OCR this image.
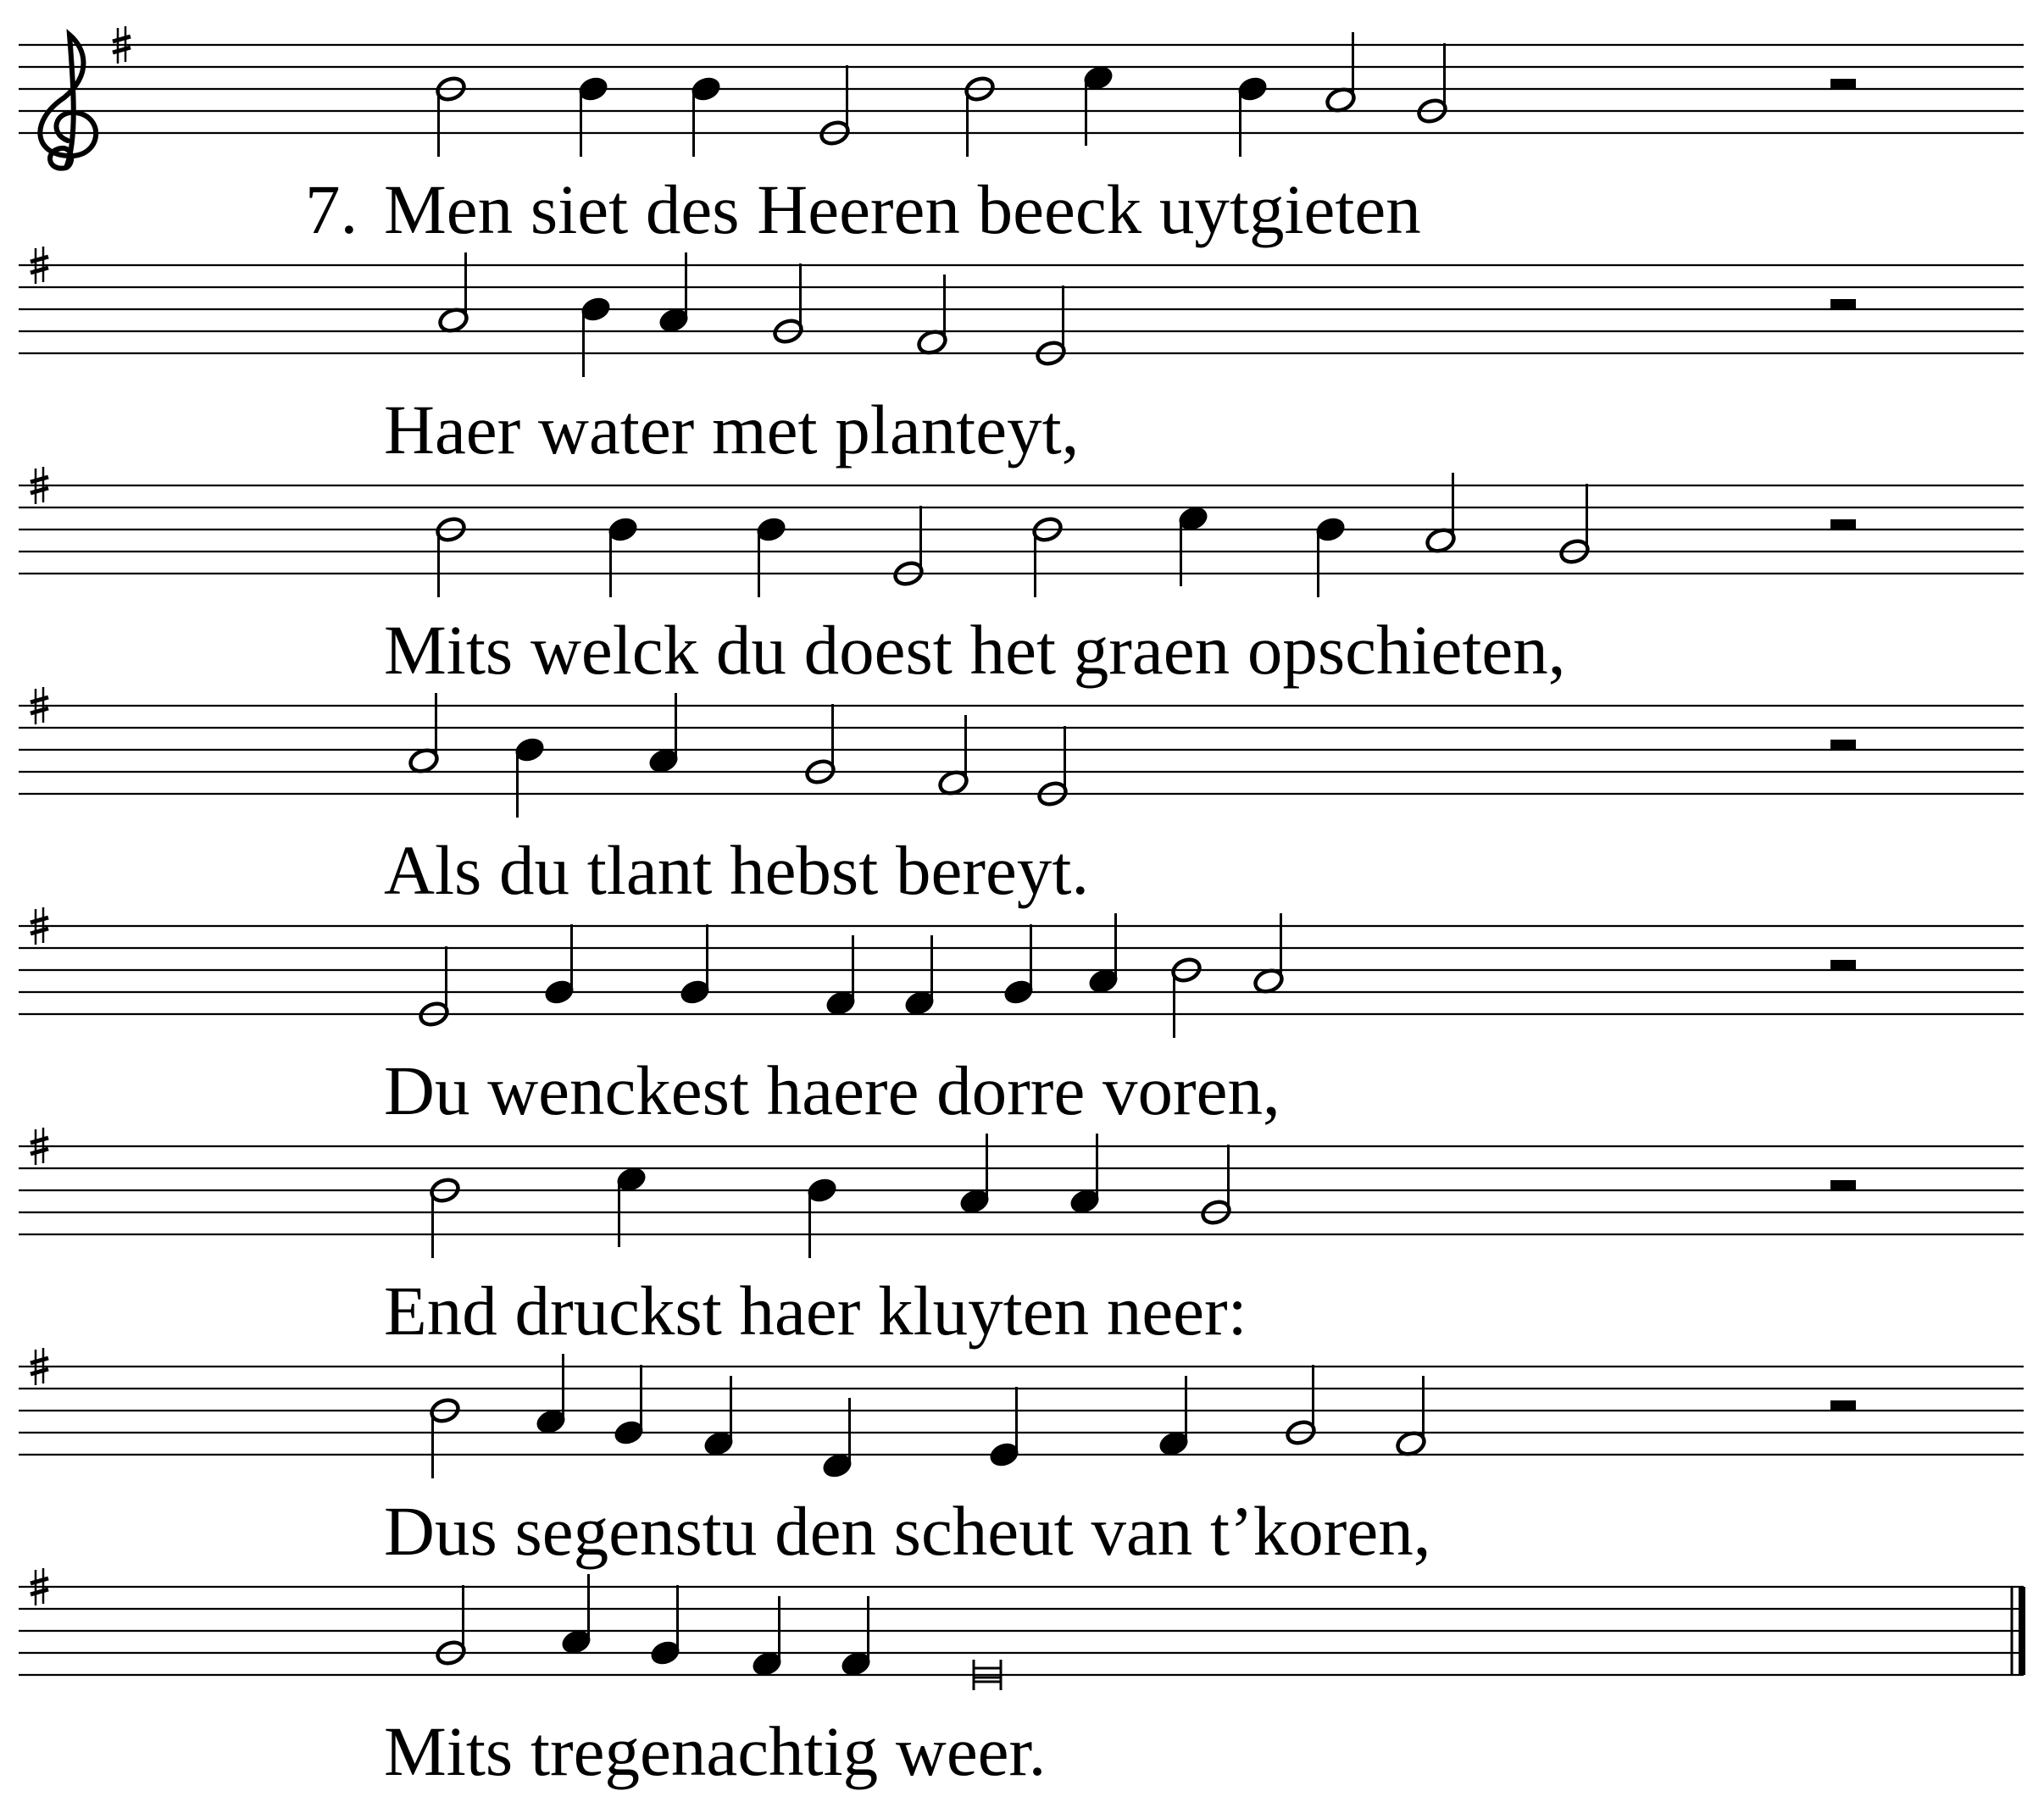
7. Men siet des Heeren beeck uytgieten
Haer water met planteyt,
Mits welck du doest het graen opschieten,
Als du tlant hebst bereyt.
Du wenckest haere dorre voren,
End druckst haer kluyten neer:
Dus segenstu den scheut van t’koren,
Mits tregenachtig weer.
